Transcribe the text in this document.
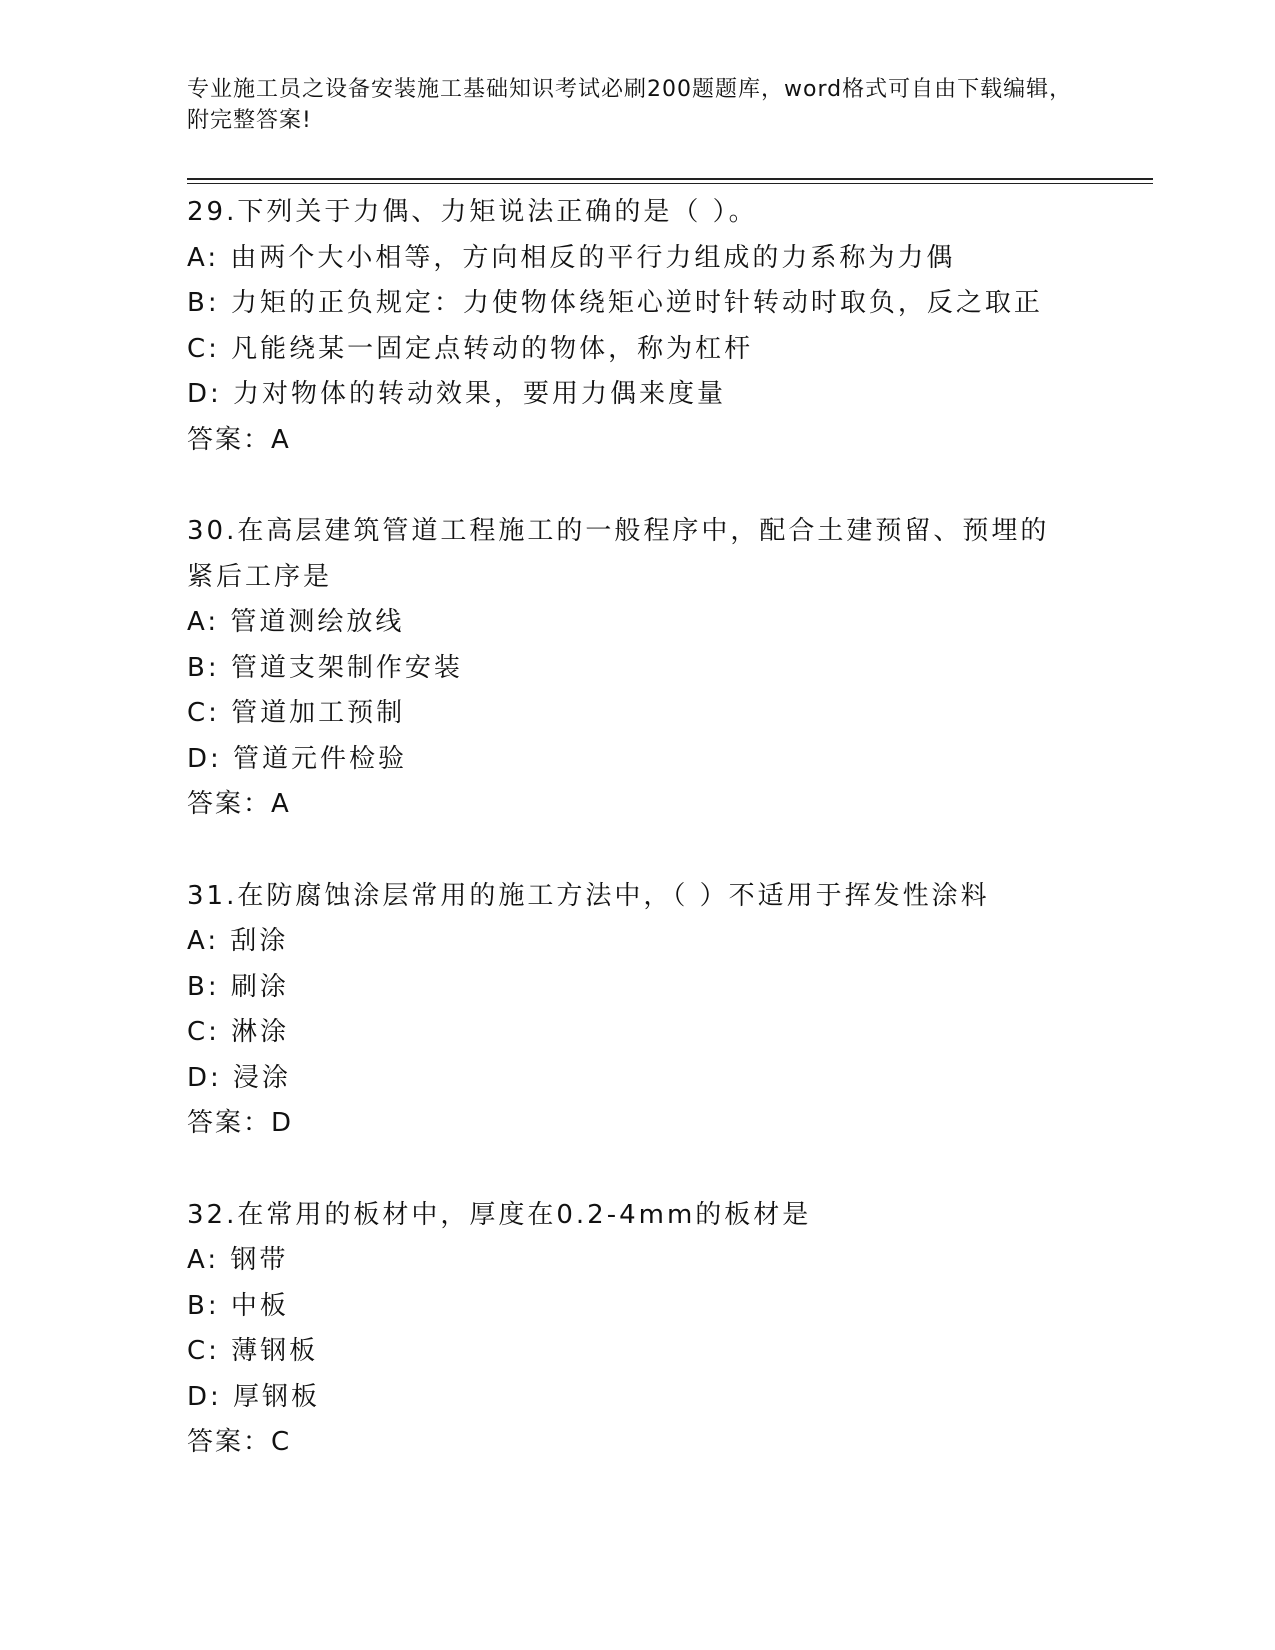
专业施工员之设备安装施工基础知识考试必刷200题题库，word格式可自由下载编辑，附完整答案!
29.下列关于力偶、力矩说法正确的是（ ）。
A: 由两个大小相等，方向相反的平行力组成的力系称为力偶
B: 力矩的正负规定：力使物体绕矩心逆时针转动时取负，反之取正
C: 凡能绕某一固定点转动的物体，称为杠杆
D: 力对物体的转动效果，要用力偶来度量
答案：A
30.在高层建筑管道工程施工的一般程序中，配合土建预留、预埋的紧后工序是
A: 管道测绘放线
B: 管道支架制作安装
C: 管道加工预制
D: 管道元件检验
答案：A
31.在防腐蚀涂层常用的施工方法中，（ ）不适用于挥发性涂料
A: 刮涂
B: 刷涂
C: 淋涂
D: 浸涂
答案：D
32.在常用的板材中，厚度在0.2-4mm的板材是
A: 钢带
B: 中板
C: 薄钢板
D: 厚钢板
答案：C
